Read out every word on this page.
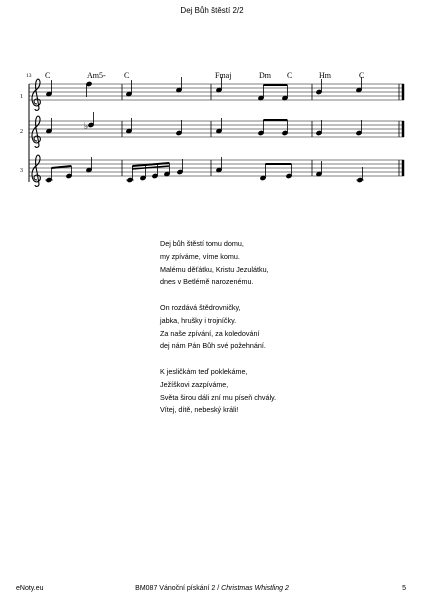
Dej Bůh štěstí 2/2
13 C	Am5- C	Fmaj	Dm C	Hm	C
1
2
3
♭
Dej bůh štěstí tomu domu,
my zpíváme, víme komu.
Malému děťátku, Kristu Jezulátku,
dnes v Betlémě narozenému.
On rozdává štědrovničky,
jabka, hrušky i trojníčky.
Za naše zpívání, za koledování
dej nám Pán Bůh své požehnání.
K jesličkám teď poklekáme,
Ježíškovi zazpíváme,
Světa širou dáli zní mu píseň chvály.
Vítej, dítě, nebeský králi!
eNoty.eu	BM087 Vánoční pískání 2 / Christmas Whistling 2	5
